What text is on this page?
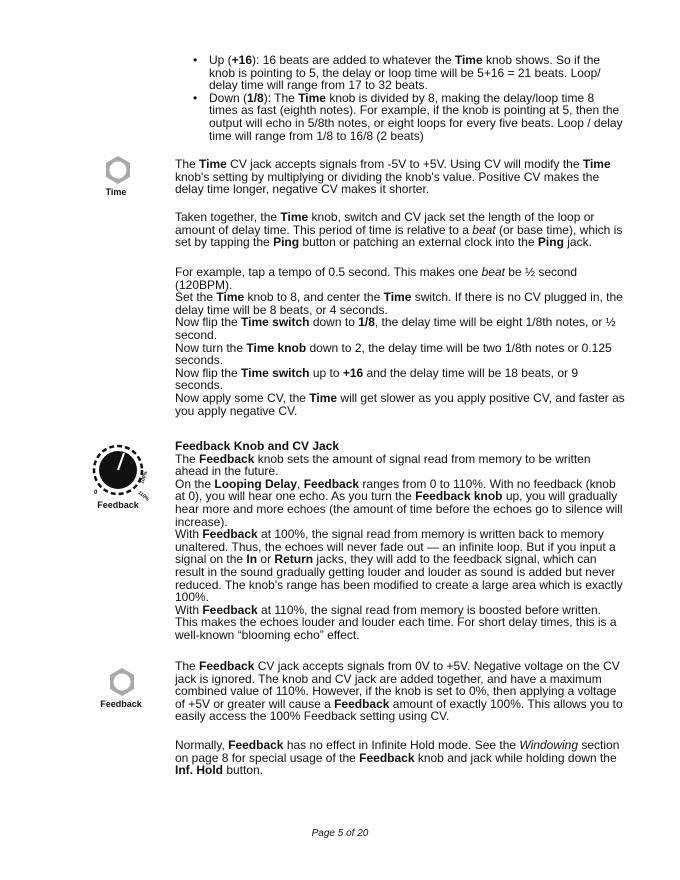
• Up (+16): 16 beats are added to whatever the Time knob shows. So if the knob is pointing to 5, the delay or loop time will be 5+16 = 21 beats. Loop/ delay time will range from 17 to 32 beats.
• Down (1/8): The Time knob is divided by 8, making the delay/loop time 8 times as fast (eighth notes). For example, if the knob is pointing at 5, then the output will echo in 5/8th notes, or eight loops for every five beats. Loop / delay time will range from 1/8 to 16/8 (2 beats)
Time
The Time CV jack accepts signals from -5V to +5V. Using CV will modify the Time knob's setting by multiplying or dividing the knob's value. Positive CV makes the delay time longer, negative CV makes it shorter.
Taken together, the Time knob, switch and CV jack set the length of the loop or amount of delay time. This period of time is relative to a beat (or base time), which is set by tapping the Ping button or patching an external clock into the Ping jack.

For example, tap a tempo of 0.5 second. This makes one beat be ½ second (120BPM).

Set the Time knob to 8, and center the Time switch. If there is no CV plugged in, the delay time will be 8 beats, or 4 seconds.

Now flip the Time switch down to 1/8, the delay time will be eight 1/8th notes, or ½ second.

Now turn the Time knob down to 2, the delay time will be two 1/8th notes or 0.125 seconds.

Now flip the Time switch up to +16 and the delay time will be 18 beats, or 9 seconds.

Now apply some CV, the Time will get slower as you apply positive CV, and faster as you apply negative CV.

0
100%
110%
Feedback

Feedback Knob and CV Jack

The Feedback knob sets the amount of signal read from memory to be written ahead in the future.

On the Looping Delay, Feedback ranges from 0 to 110%. With no feedback (knob at 0), you will hear one echo. As you turn the Feedback knob up, you will gradually hear more and more echoes (the amount of time before the echoes go to silence will increase).

With Feedback at 100%, the signal read from memory is written back to memory unaltered. Thus, the echoes will never fade out — an infinite loop. But if you input a signal on the In or Return jacks, they will add to the feedback signal, which can result in the sound gradually getting louder and louder as sound is added but never reduced. The knob's range has been modified to create a large area which is exactly 100%.

With Feedback at 110%, the signal read from memory is boosted before written. This makes the echoes louder and louder each time. For short delay times, this is a well-known “blooming echo” effect.

Feedback
The Feedback CV jack accepts signals from 0V to +5V. Negative voltage on the CV jack is ignored. The knob and CV jack are added together, and have a maximum combined value of 110%. However, if the knob is set to 0%, then applying a voltage of +5V or greater will cause a Feedback amount of exactly 100%. This allows you to easily access the 100% Feedback setting using CV.
Normally, Feedback has no effect in Infinite Hold mode. See the Windowing section on page 8 for special usage of the Feedback knob and jack while holding down the Inf. Hold button.
Page 5 of 20
